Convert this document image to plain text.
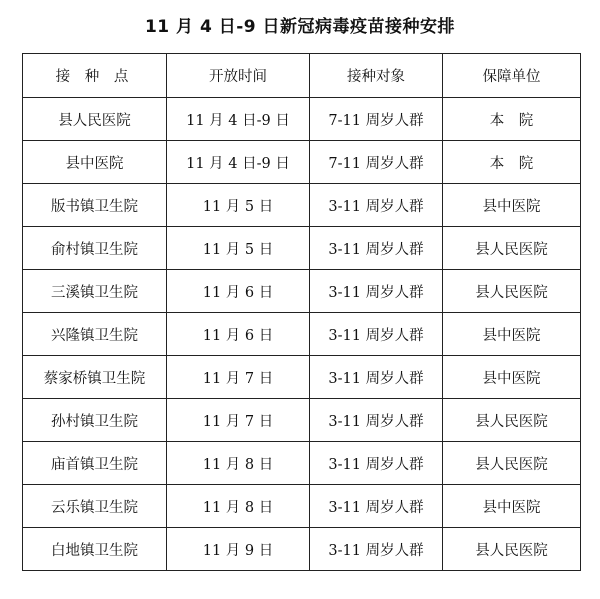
11 月 4 日-9 日新冠病毒疫苗接种安排
接 种 点	开放时间	接种对象	保障单位
县人民医院	11 月 4 日-9 日	7-11 周岁人群	本　院
县中医院	11 月 4 日-9 日	7-11 周岁人群	本　院
版书镇卫生院	11 月 5 日	3-11 周岁人群	县中医院
俞村镇卫生院	11 月 5 日	3-11 周岁人群	县人民医院
三溪镇卫生院	11 月 6 日	3-11 周岁人群	县人民医院
兴隆镇卫生院	11 月 6 日	3-11 周岁人群	县中医院
蔡家桥镇卫生院	11 月 7 日	3-11 周岁人群	县中医院
孙村镇卫生院	11 月 7 日	3-11 周岁人群	县人民医院
庙首镇卫生院	11 月 8 日	3-11 周岁人群	县人民医院
云乐镇卫生院	11 月 8 日	3-11 周岁人群	县中医院
白地镇卫生院	11 月 9 日	3-11 周岁人群	县人民医院
